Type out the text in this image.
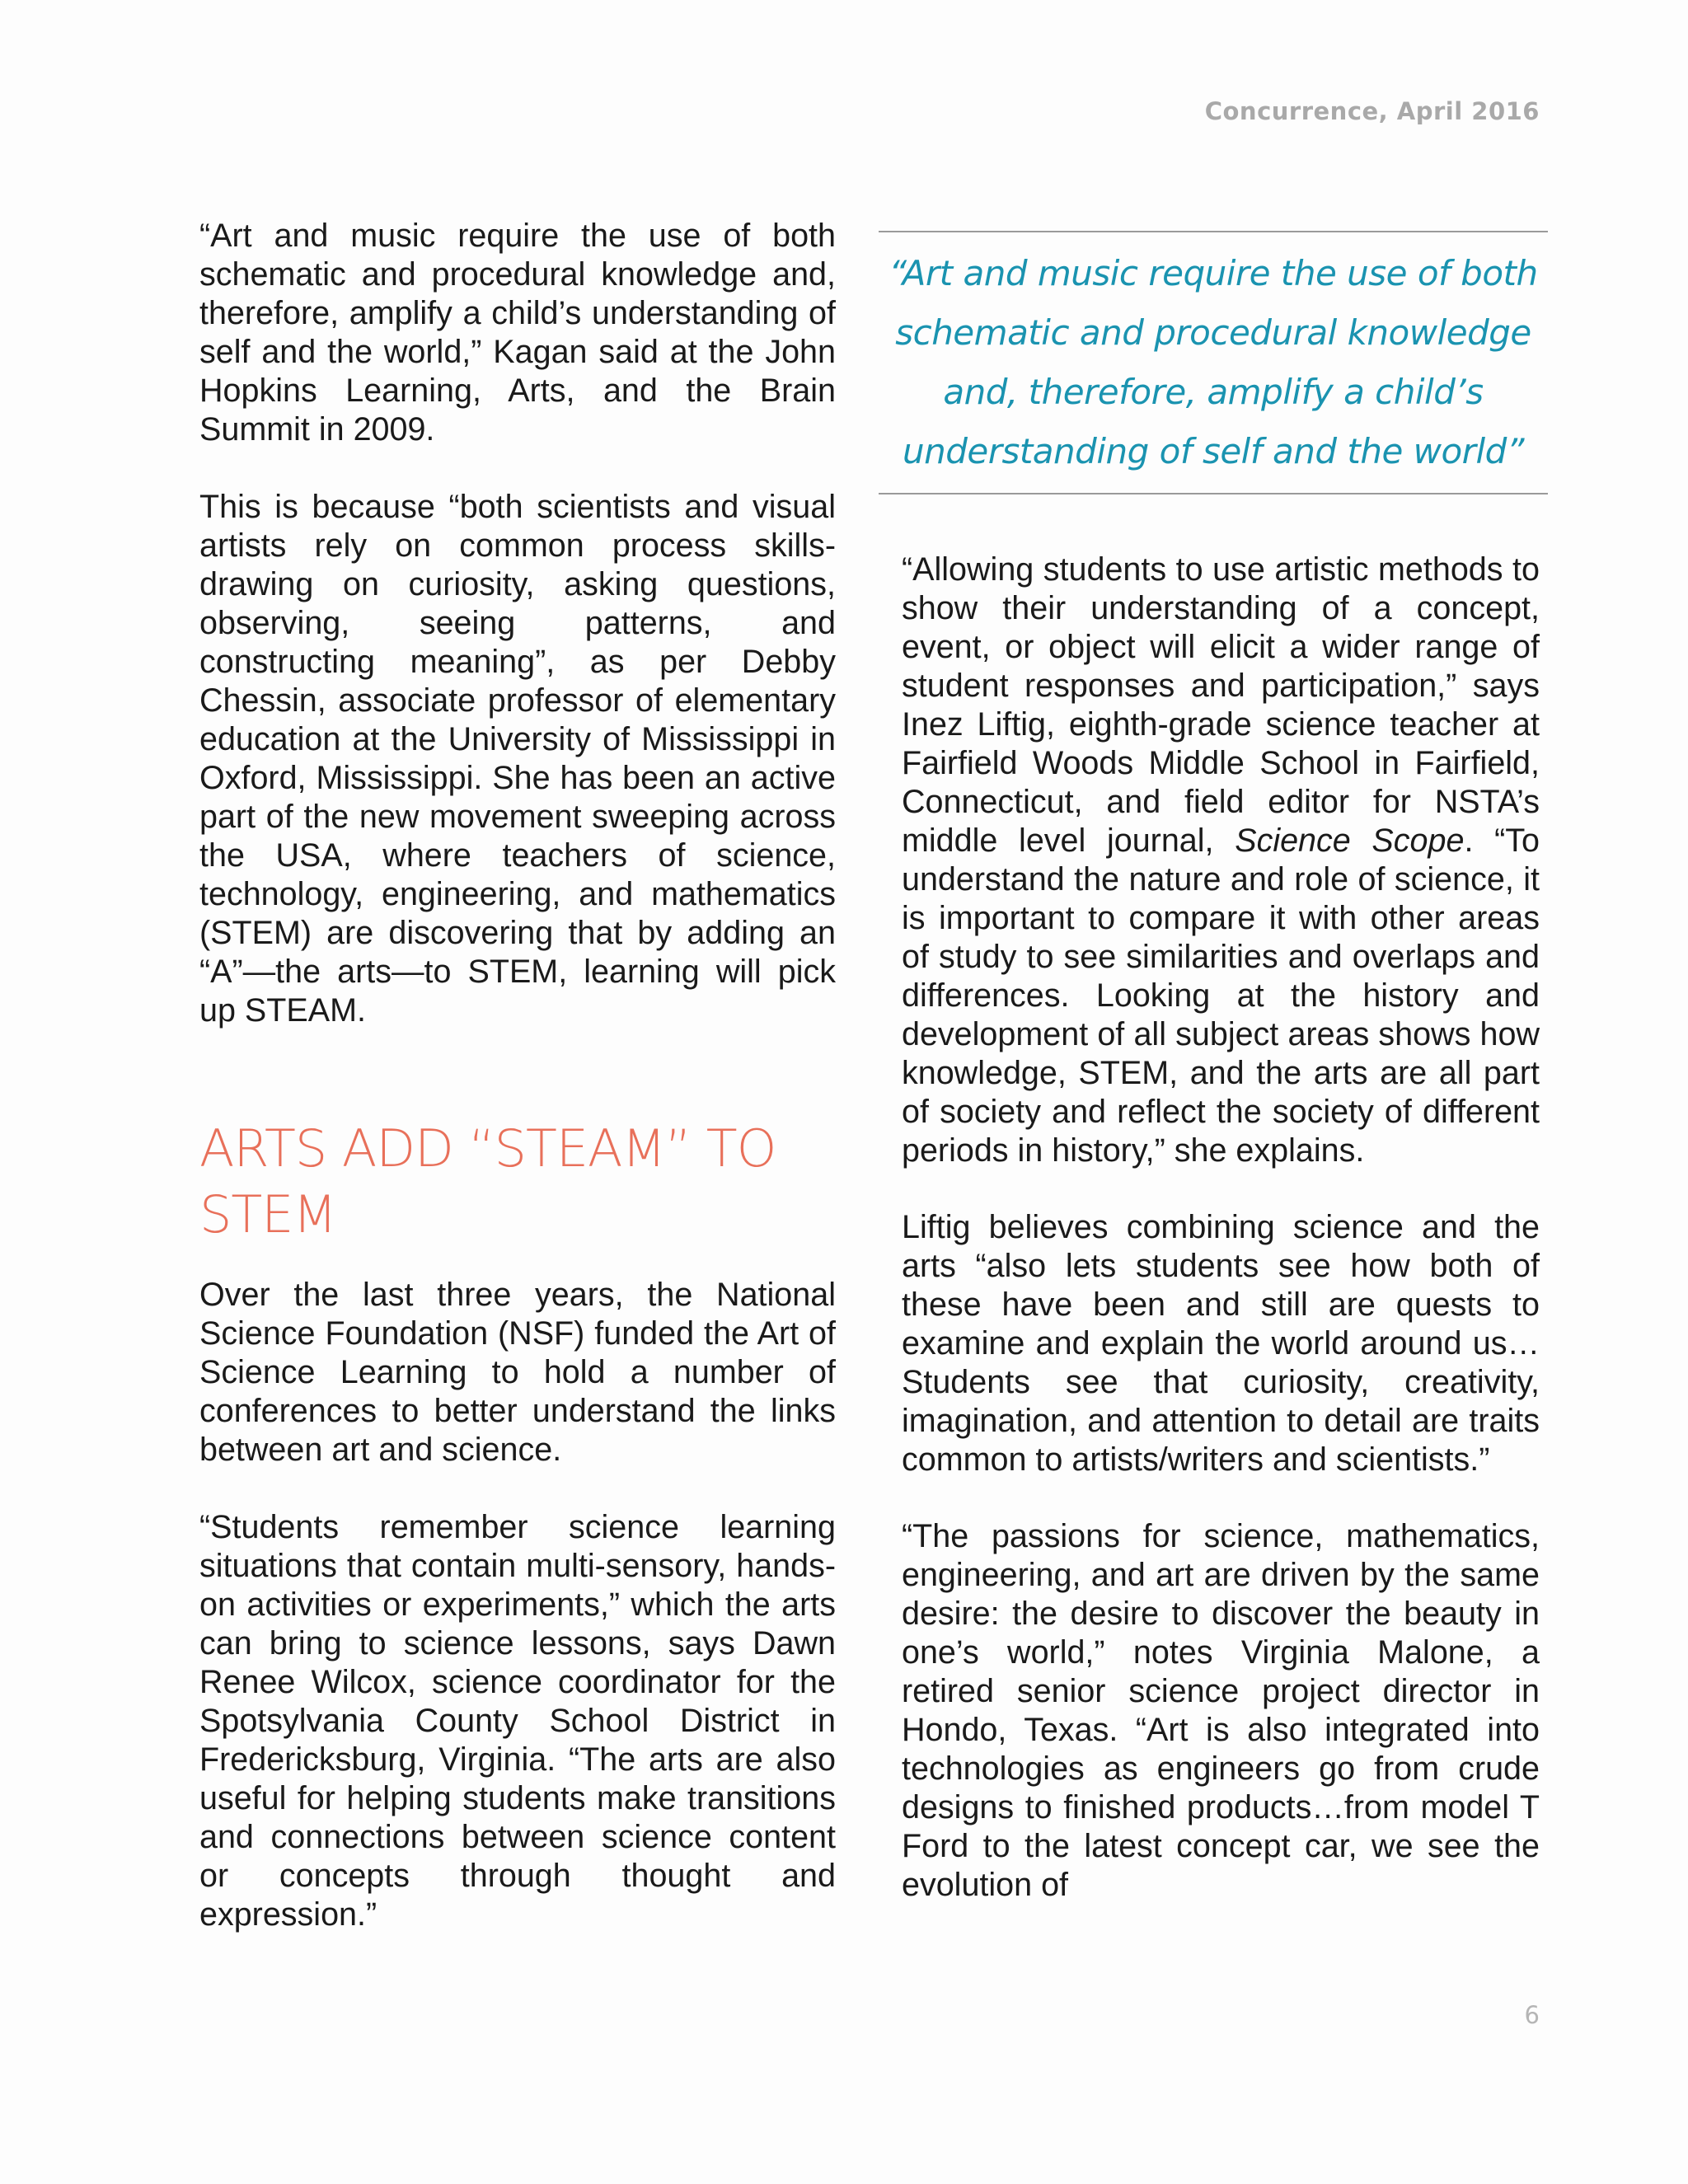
Concurrence, April 2016

“Art and music require the use of both schematic and procedural knowledge and, therefore, amplify a child’s understanding of self and the world,” Kagan said at the John Hopkins Learning, Arts, and the Brain Summit in 2009.

This is because “both scientists and visual artists rely on common process skills-drawing on curiosity, asking questions, observing, seeing patterns, and constructing meaning”, as per Debby Chessin, associate professor of elementary education at the University of Mississippi in Oxford, Mississippi. She has been an active part of the new movement sweeping across the USA, where teachers of science, technology, engineering, and mathematics (STEM) are discovering that by adding an “A”—the arts—to STEM, learning will pick up STEAM.

ARTS ADD “STEAM” TO STEM

Over the last three years, the National Science Foundation (NSF) funded the Art of Science Learning to hold a number of conferences to better understand the links between art and science.

“Students remember science learning situations that contain multi-sensory, hands-on activities or experiments,” which the arts can bring to science lessons, says Dawn Renee Wilcox, science coordinator for the Spotsylvania County School District in Fredericksburg, Virginia. “The arts are also useful for helping students make transitions and connections between science content or concepts through thought and expression.”

“Art and music require the use of both schematic and procedural knowledge and, therefore, amplify a child’s understanding of self and the world”

“Allowing students to use artistic methods to show their understanding of a concept, event, or object will elicit a wider range of student responses and participation,” says Inez Liftig, eighth-grade science teacher at Fairfield Woods Middle School in Fairfield, Connecticut, and field editor for NSTA’s middle level journal, Science Scope. “To understand the nature and role of science, it is important to compare it with other areas of study to see similarities and overlaps and differences. Looking at the history and development of all subject areas shows how knowledge, STEM, and the arts are all part of society and reflect the society of different periods in history,” she explains.

Liftig believes combining science and the arts “also lets students see how both of these have been and still are quests to examine and explain the world around us… Students see that curiosity, creativity, imagination, and attention to detail are traits common to artists/writers and scientists.”

“The passions for science, mathematics, engineering, and art are driven by the same desire: the desire to discover the beauty in one’s world,” notes Virginia Malone, a retired senior science project director in Hondo, Texas. “Art is also integrated into technologies as engineers go from crude designs to finished products…from model T Ford to the latest concept car, we see the evolution of

6
